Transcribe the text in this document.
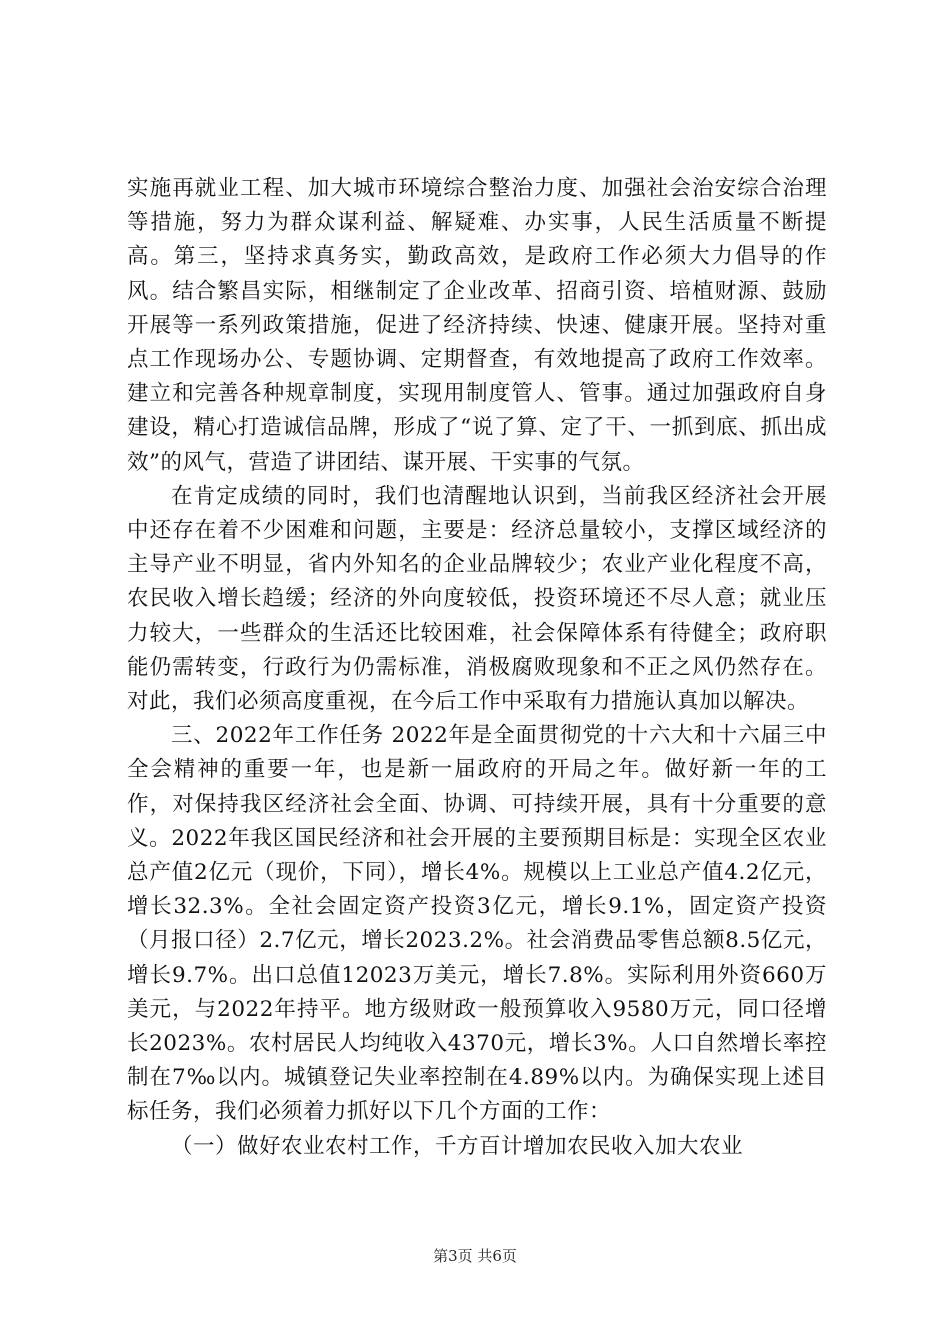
实施再就业工程、加大城市环境综合整治力度、加强社会治安综合治理等措施，努力为群众谋利益、解疑难、办实事，人民生活质量不断提高。第三，坚持求真务实，勤政高效，是政府工作必须大力倡导的作风。结合繁昌实际，相继制定了企业改革、招商引资、培植财源、鼓励开展等一系列政策措施，促进了经济持续、快速、健康开展。坚持对重点工作现场办公、专题协调、定期督查，有效地提高了政府工作效率。建立和完善各种规章制度，实现用制度管人、管事。通过加强政府自身建设，精心打造诚信品牌，形成了“说了算、定了干、一抓到底、抓出成效”的风气，营造了讲团结、谋开展、干实事的气氛。

在肯定成绩的同时，我们也清醒地认识到，当前我区经济社会开展中还存在着不少困难和问题，主要是：经济总量较小，支撑区域经济的主导产业不明显，省内外知名的企业品牌较少；农业产业化程度不高，农民收入增长趋缓；经济的外向度较低，投资环境还不尽人意；就业压力较大，一些群众的生活还比较困难，社会保障体系有待健全；政府职能仍需转变，行政行为仍需标准，消极腐败现象和不正之风仍然存在。对此，我们必须高度重视，在今后工作中采取有力措施认真加以解决。

三、2022年工作任务 2022年是全面贯彻党的十六大和十六届三中全会精神的重要一年，也是新一届政府的开局之年。做好新一年的工作，对保持我区经济社会全面、协调、可持续开展，具有十分重要的意义。2022年我区国民经济和社会开展的主要预期目标是：实现全区农业总产值2亿元（现价，下同），增长4%。规模以上工业总产值4.2亿元，增长32.3%。全社会固定资产投资3亿元，增长9.1%，固定资产投资（月报口径）2.7亿元，增长2023.2%。社会消费品零售总额8.5亿元，增长9.7%。出口总值12023万美元，增长7.8%。实际利用外资660万美元，与2022年持平。地方级财政一般预算收入9580万元，同口径增长2023%。农村居民人均纯收入4370元，增长3%。人口自然增长率控制在7‰以内。城镇登记失业率控制在4.89%以内。为确保实现上述目标任务，我们必须着力抓好以下几个方面的工作：

（一）做好农业农村工作，千方百计增加农民收入加大农业

第3页 共6页
